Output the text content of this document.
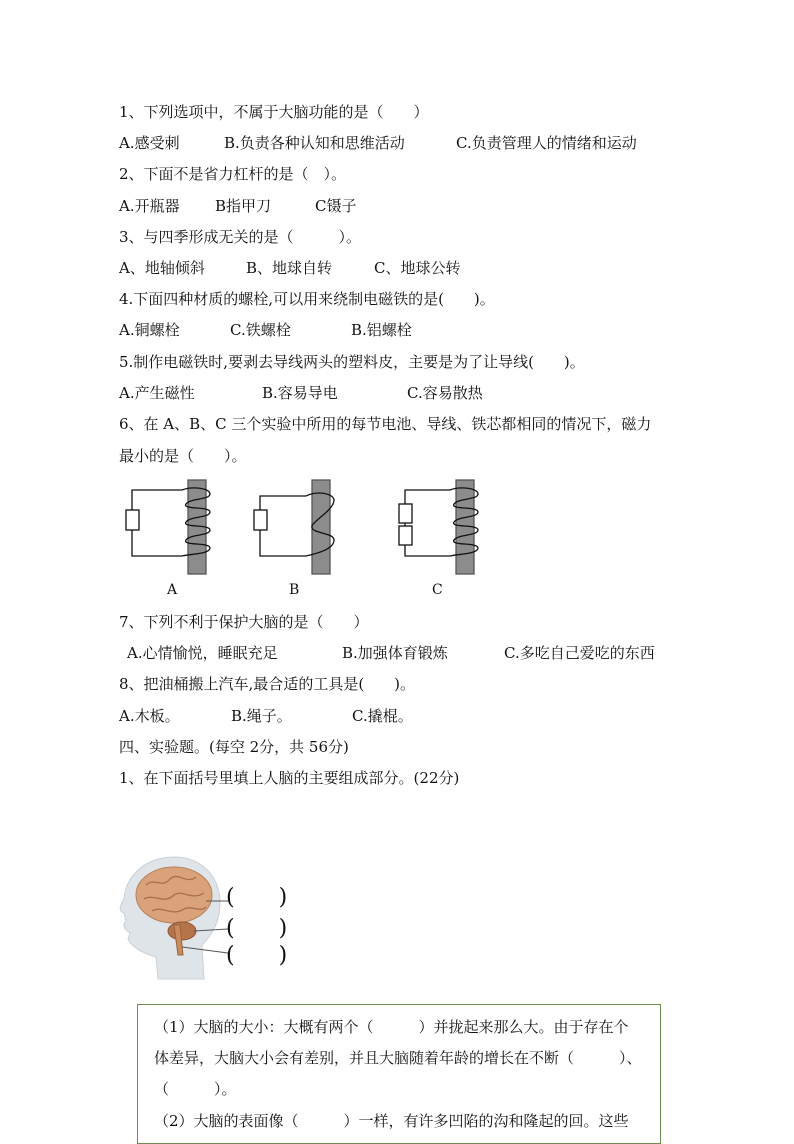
1、下列选项中，不属于大脑功能的是（　　）
A.感受刺	B.负责各种认知和思维活动	C.负责管理人的情绪和运动
2、下面不是省力杠杆的是（　）。
A.开瓶器 B指甲刀	C镊子
3、与四季形成无关的是（　　　）。
A、地轴倾斜	B、地球自转	C、地球公转
4.下面四种材质的螺栓,可以用来绕制电磁铁的是(　　)。
A.铜螺栓	C.铁螺栓	B.铝螺栓
5.制作电磁铁时,要剥去导线两头的塑料皮，主要是为了让导线(　　)。
A.产生磁性	B.容易导电	C.容易散热
6、在 A、B、C 三个实验中所用的每节电池、导线、铁芯都相同的情况下，磁力
最小的是（　　）。
A	B	C
7、下列不利于保护大脑的是（　　）
A.心情愉悦，睡眠充足	B.加强体育锻炼	C.多吃自己爱吃的东西
8、把油桶搬上汽车,最合适的工具是(　　)。
A.木板。	B.绳子。	C.撬棍。
四、实验题。(每空 2分，共 56分)
1、在下面括号里填上人脑的主要组成部分。(22分)
(　　)
(　　)
(　　)
（1）大脑的大小：大概有两个（　　　）并拢起来那么大。由于存在个
体差异，大脑大小会有差别，并且大脑随着年龄的增长在不断（　　　）、
（　　　）。
（2）大脑的表面像（　　　）一样，有许多凹陷的沟和隆起的回。这些
